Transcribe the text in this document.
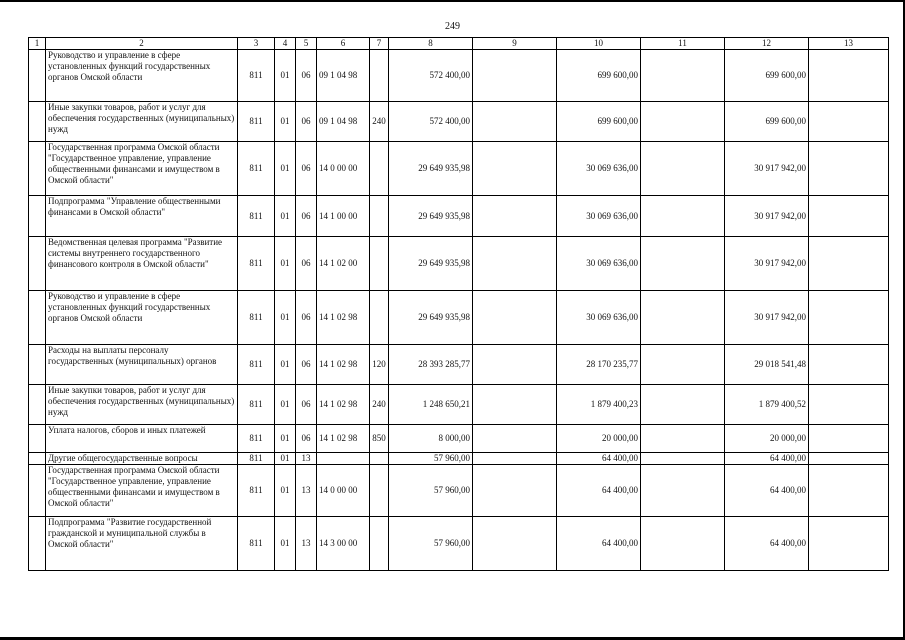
249
1	2	3	4	5	6	7	8	9	10	11	12	13
	Руководство и управление в сфере установленных функций государственных органов Омской области	811	01	06	09 1 04 98		572 400,00		699 600,00		699 600,00	
	Иные закупки товаров, работ и услуг для обеспечения государственных (муниципальных) нужд	811	01	06	09 1 04 98	240	572 400,00		699 600,00		699 600,00	
	Государственная программа Омской области "Государственное управление, управление общественными финансами и имуществом в Омской области"	811	01	06	14 0 00 00		29 649 935,98		30 069 636,00		30 917 942,00	
	Подпрограмма "Управление общественными финансами в Омской области"	811	01	06	14 1 00 00		29 649 935,98		30 069 636,00		30 917 942,00	
	Ведомственная целевая программа "Развитие системы внутреннего государственного финансового контроля в Омской области"	811	01	06	14 1 02 00		29 649 935,98		30 069 636,00		30 917 942,00	
	Руководство и управление в сфере установленных функций государственных органов Омской области	811	01	06	14 1 02 98		29 649 935,98		30 069 636,00		30 917 942,00	
	Расходы на выплаты персоналу государственных (муниципальных) органов	811	01	06	14 1 02 98	120	28 393 285,77		28 170 235,77		29 018 541,48	
	Иные закупки товаров, работ и услуг для обеспечения государственных (муниципальных) нужд	811	01	06	14 1 02 98	240	1 248 650,21		1 879 400,23		1 879 400,52	
	Уплата налогов, сборов и иных платежей	811	01	06	14 1 02 98	850	8 000,00		20 000,00		20 000,00	
	Другие общегосударственные вопросы	811	01	13			57 960,00		64 400,00		64 400,00	
	Государственная программа Омской области "Государственное управление, управление общественными финансами и имуществом в Омской области"	811	01	13	14 0 00 00		57 960,00		64 400,00		64 400,00	
	Подпрограмма "Развитие государственной гражданской и муниципальной службы в Омской области"	811	01	13	14 3 00 00		57 960,00		64 400,00		64 400,00	
